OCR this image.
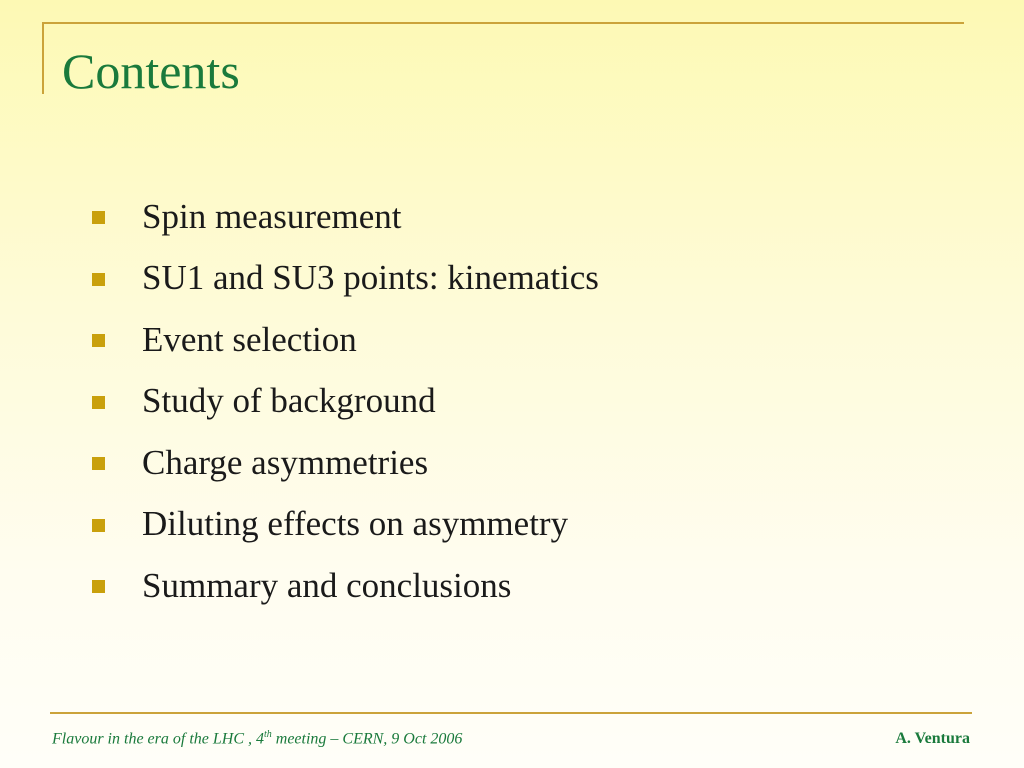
Contents
Spin measurement
SU1 and SU3 points: kinematics
Event selection
Study of background
Charge asymmetries
Diluting effects on asymmetry
Summary and conclusions
Flavour in the era of the LHC , 4th meeting – CERN, 9 Oct 2006	A. Ventura
